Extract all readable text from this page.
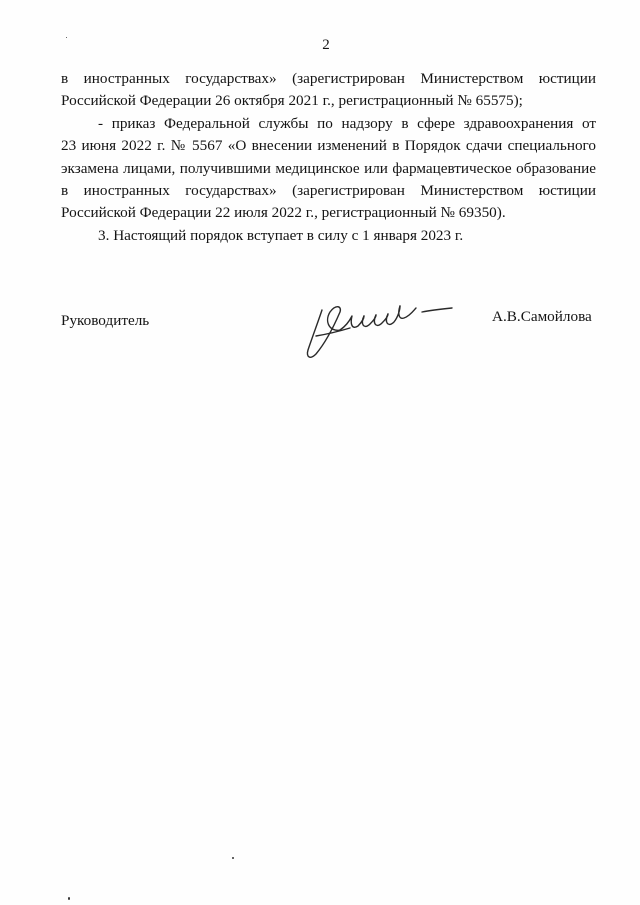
2
в иностранных государствах» (зарегистрирован Министерством юстиции
Российской Федерации 26 октября 2021 г., регистрационный № 65575);
- приказ Федеральной службы по надзору в сфере здравоохранения от
23 июня 2022 г. № 5567 «О внесении изменений в Порядок сдачи специального
экзамена лицами, получившими медицинское или фармацевтическое образование
в иностранных государствах» (зарегистрирован Министерством юстиции
Российской Федерации 22 июля 2022 г., регистрационный № 69350).
3. Настоящий порядок вступает в силу с 1 января 2023 г.
Руководитель	А.В.Самойлова
